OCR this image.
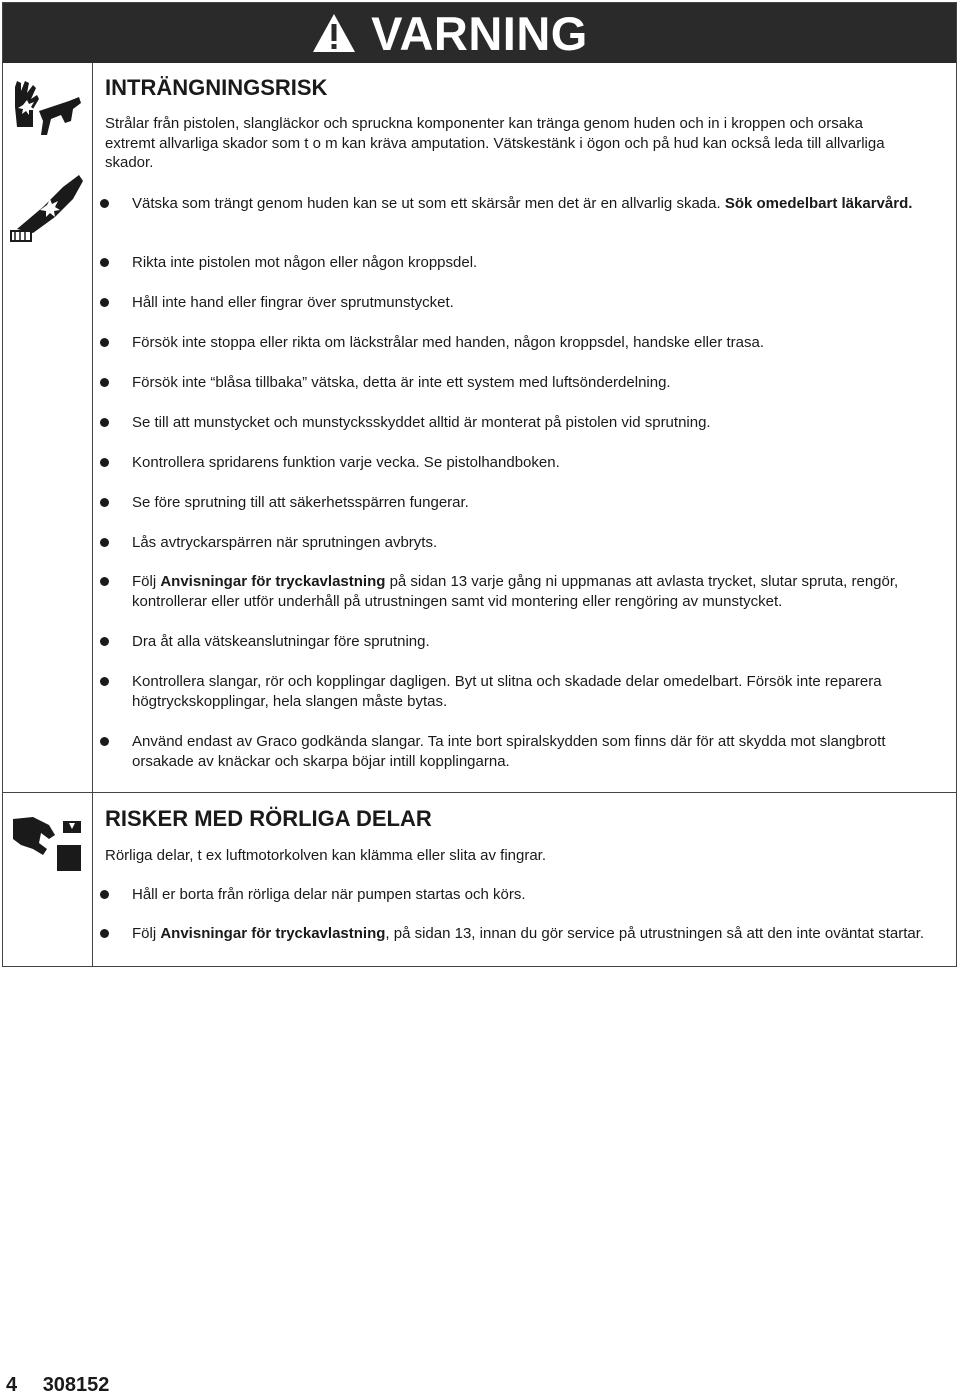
VARNING
INTRÄNGNINGSRISK

Strålar från pistolen, slangläckor och spruckna komponenter kan tränga genom huden och in i kroppen och orsaka extremt allvarliga skador som t o m kan kräva amputation. Vätskestänk i ögon och på hud kan också leda till allvarliga skador.

Vätska som trängt genom huden kan se ut som ett skärsår men det är en allvarlig skada. Sök omedelbart läkarvård.
Rikta inte pistolen mot någon eller någon kroppsdel.
Håll inte hand eller fingrar över sprutmunstycket.
Försök inte stoppa eller rikta om läckstrålar med handen, någon kroppsdel, handske eller trasa.
Försök inte “blåsa tillbaka” vätska, detta är inte ett system med luftsönderdelning.
Se till att munstycket och munstycksskyddet alltid är monterat på pistolen vid sprutning.
Kontrollera spridarens funktion varje vecka. Se pistolhandboken.
Se före sprutning till att säkerhetsspärren fungerar.
Lås avtryckarspärren när sprutningen avbryts.
Följ Anvisningar för tryckavlastning på sidan 13 varje gång ni uppmanas att avlasta trycket, slutar spruta, rengör, kontrollerar eller utför underhåll på utrustningen samt vid montering eller rengöring av munstycket.
Dra åt alla vätskeanslutningar före sprutning.
Kontrollera slangar, rör och kopplingar dagligen. Byt ut slitna och skadade delar omedelbart. Försök inte reparera högtryckskopplingar, hela slangen måste bytas.
Använd endast av Graco godkända slangar. Ta inte bort spiralskydden som finns där för att skydda mot slangbrott orsakade av knäckar och skarpa böjar intill kopplingarna.
RISKER MED RÖRLIGA DELAR

Rörliga delar, t ex luftmotorkolven kan klämma eller slita av fingrar.

Håll er borta från rörliga delar när pumpen startas och körs.
Följ Anvisningar för tryckavlastning, på sidan 13, innan du gör service på utrustningen så att den inte oväntat startar.
4 308152
